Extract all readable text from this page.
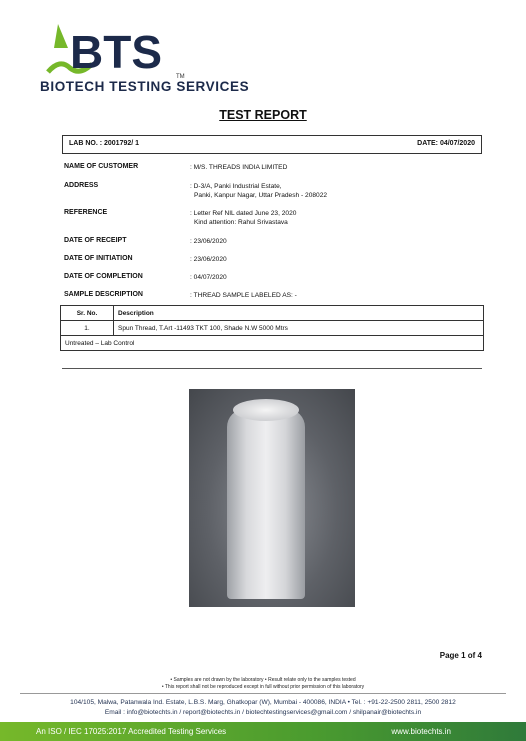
BTS TM
BIOTECH TESTING SERVICES
TEST REPORT
LAB NO. : 2001792/ 1	DATE: 04/07/2020
NAME OF CUSTOMER	: M/S. THREADS INDIA LIMITED
ADDRESS	: D-3/A, Panki Industrial Estate,
Panki, Kanpur Nagar, Uttar Pradesh - 208022
REFERENCE	: Letter Ref NIL dated June 23, 2020
Kind attention: Rahul Srivastava
DATE OF RECEIPT	: 23/06/2020
DATE OF INITIATION	: 23/06/2020
DATE OF COMPLETION	: 04/07/2020
SAMPLE DESCRIPTION	: THREAD SAMPLE LABELED AS: -
Sr. No.	Description
1.	Spun Thread, T.Art -11493 TKT 100, Shade N.W 5000 Mtrs
Untreated – Lab Control	
Page 1 of 4
• Samples are not drawn by the laboratory • Result relate only to the samples tested
• This report shall not be reproduced except in full without prior permission of this laboratory
104/105, Malwa, Patanwala Ind. Estate, L.B.S. Marg, Ghatkopar (W), Mumbai - 400086, INDIA • Tel. : +91-22-2500 2811, 2500 2812
Email : info@biotechts.in / report@biotechts.in / biotechtestingservices@gmail.com / shilpanair@biotechts.in
An ISO / IEC 17025:2017 Accredited Testing Services	www.biotechts.in
